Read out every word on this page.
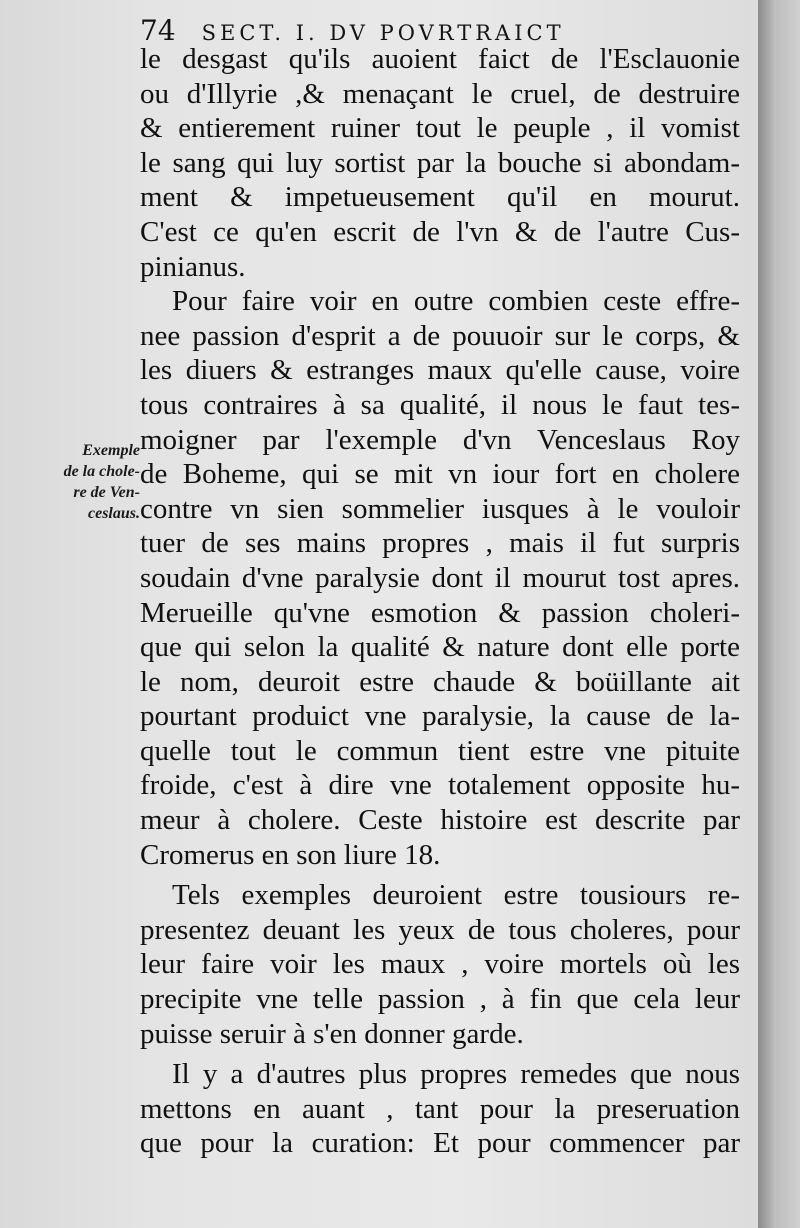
74 SECT. I. DV POVRTRAICT
Exemple
de la chole-
re de Ven-
ceslaus.
le desgast qu'ils auoient faict de l'Esclauonie
ou d'Illyrie ,& menaçant le cruel, de destruire
& entierement ruiner tout le peuple , il vomist
le sang qui luy sortist par la bouche si abondam-
ment & impetueusement qu'il en mourut.
C'est ce qu'en escrit de l'vn & de l'autre Cus-
pinianus.
Pour faire voir en outre combien ceste effre-
nee passion d'esprit a de pouuoir sur le corps, &
les diuers & estranges maux qu'elle cause, voire
tous contraires à sa qualité, il nous le faut tes-
moigner par l'exemple d'vn Venceslaus Roy
de Boheme, qui se mit vn iour fort en cholere
contre vn sien sommelier iusques à le vouloir
tuer de ses mains propres , mais il fut surpris
soudain d'vne paralysie dont il mourut tost apres.
Merueille qu'vne esmotion & passion choleri-
que qui selon la qualité & nature dont elle porte
le nom, deuroit estre chaude & boüillante ait
pourtant produict vne paralysie, la cause de la-
quelle tout le commun tient estre vne pituite
froide, c'est à dire vne totalement opposite hu-
meur à cholere. Ceste histoire est descrite par
Cromerus en son liure 18.
Tels exemples deuroient estre tousiours re-
presentez deuant les yeux de tous choleres, pour
leur faire voir les maux , voire mortels où les
precipite vne telle passion , à fin que cela leur
puisse seruir à s'en donner garde.
Il y a d'autres plus propres remedes que nous
mettons en auant , tant pour la preseruation
que pour la curation: Et pour commencer par
